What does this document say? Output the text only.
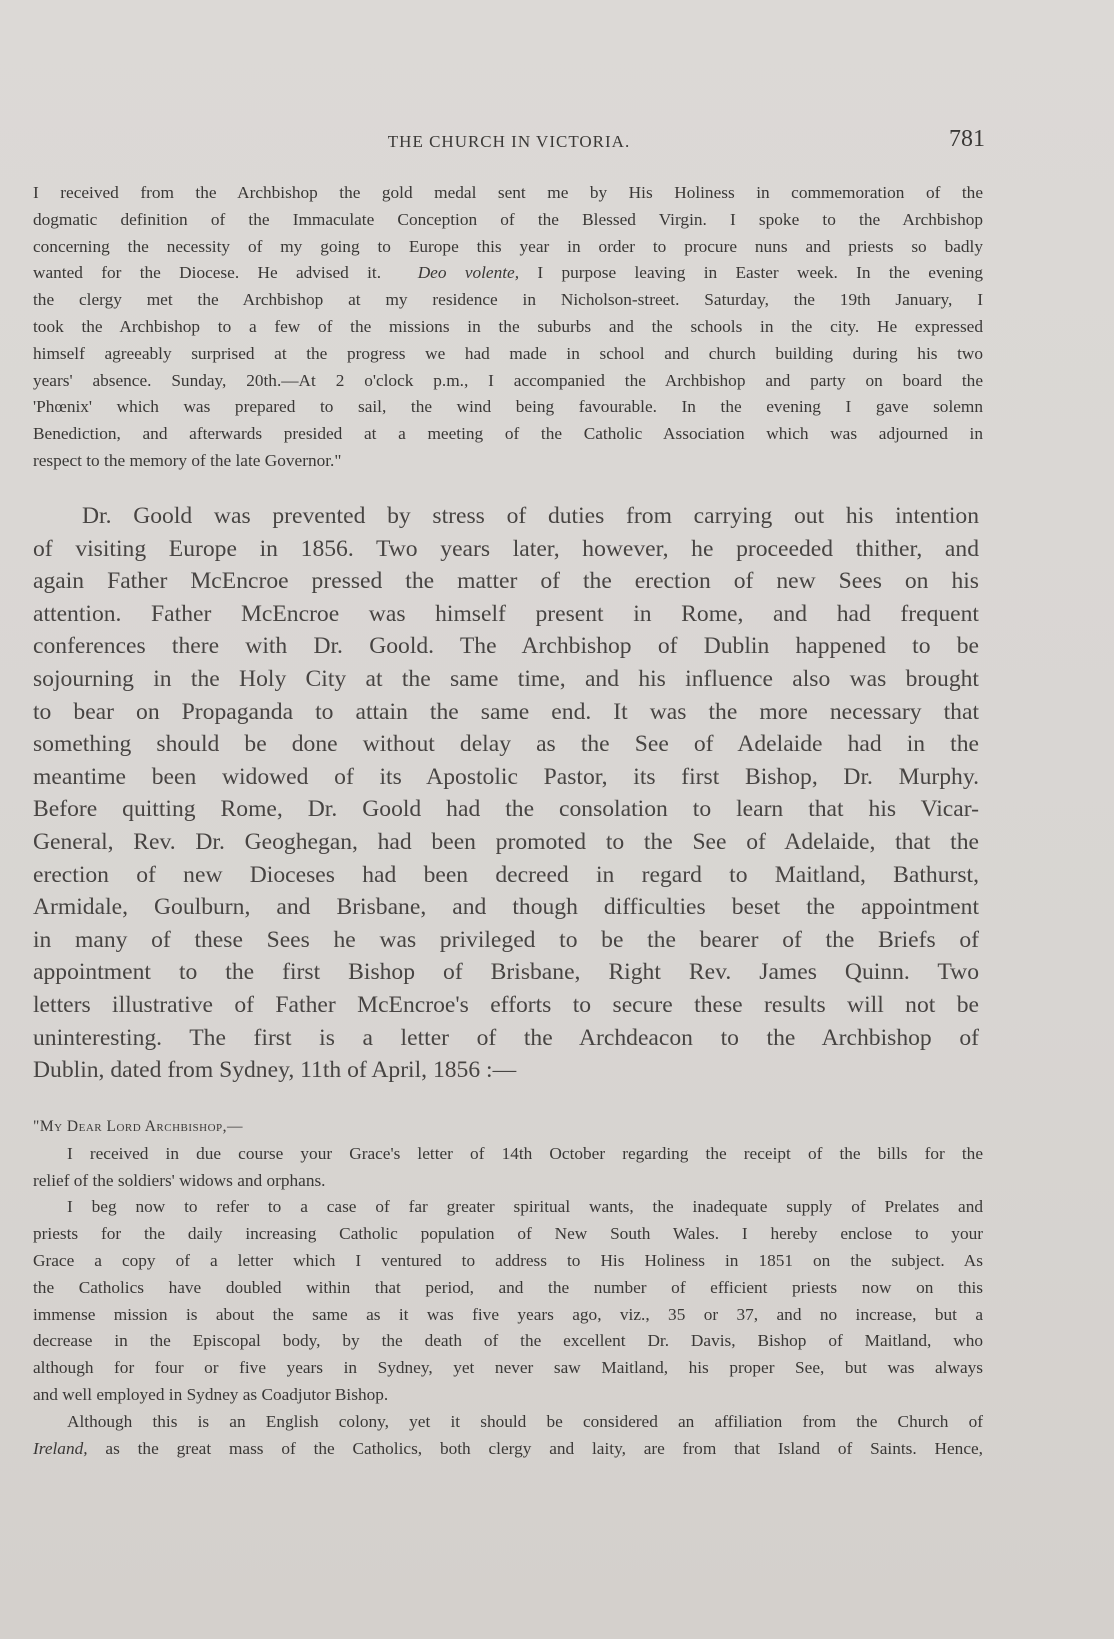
THE CHURCH IN VICTORIA.	781
I received from the Archbishop the gold medal sent me by His Holiness in commemoration of the
dogmatic definition of the Immaculate Conception of the Blessed Virgin. I spoke to the Archbishop
concerning the necessity of my going to Europe this year in order to procure nuns and priests so badly
wanted for the Diocese. He advised it. Deo volente, I purpose leaving in Easter week. In the evening
the clergy met the Archbishop at my residence in Nicholson-street. Saturday, the 19th January, I
took the Archbishop to a few of the missions in the suburbs and the schools in the city. He expressed
himself agreeably surprised at the progress we had made in school and church building during his two
years' absence. Sunday, 20th.—At 2 o'clock p.m., I accompanied the Archbishop and party on board the
'Phœnix' which was prepared to sail, the wind being favourable. In the evening I gave solemn
Benediction, and afterwards presided at a meeting of the Catholic Association which was adjourned in
respect to the memory of the late Governor."
Dr. Goold was prevented by stress of duties from carrying out his intention
of visiting Europe in 1856. Two years later, however, he proceeded thither, and
again Father McEncroe pressed the matter of the erection of new Sees on his
attention. Father McEncroe was himself present in Rome, and had frequent
conferences there with Dr. Goold. The Archbishop of Dublin happened to be
sojourning in the Holy City at the same time, and his influence also was brought
to bear on Propaganda to attain the same end. It was the more necessary that
something should be done without delay as the See of Adelaide had in the
meantime been widowed of its Apostolic Pastor, its first Bishop, Dr. Murphy.
Before quitting Rome, Dr. Goold had the consolation to learn that his Vicar-
General, Rev. Dr. Geoghegan, had been promoted to the See of Adelaide, that the
erection of new Dioceses had been decreed in regard to Maitland, Bathurst,
Armidale, Goulburn, and Brisbane, and though difficulties beset the appointment
in many of these Sees he was privileged to be the bearer of the Briefs of
appointment to the first Bishop of Brisbane, Right Rev. James Quinn. Two
letters illustrative of Father McEncroe's efforts to secure these results will not be
uninteresting. The first is a letter of the Archdeacon to the Archbishop of
Dublin, dated from Sydney, 11th of April, 1856 :—
"My Dear Lord Archbishop,—
I received in due course your Grace's letter of 14th October regarding the receipt of the bills for the
relief of the soldiers' widows and orphans.
I beg now to refer to a case of far greater spiritual wants, the inadequate supply of Prelates and
priests for the daily increasing Catholic population of New South Wales. I hereby enclose to your
Grace a copy of a letter which I ventured to address to His Holiness in 1851 on the subject. As
the Catholics have doubled within that period, and the number of efficient priests now on this
immense mission is about the same as it was five years ago, viz., 35 or 37, and no increase, but a
decrease in the Episcopal body, by the death of the excellent Dr. Davis, Bishop of Maitland, who
although for four or five years in Sydney, yet never saw Maitland, his proper See, but was always
and well employed in Sydney as Coadjutor Bishop.
Although this is an English colony, yet it should be considered an affiliation from the Church of
Ireland, as the great mass of the Catholics, both clergy and laity, are from that Island of Saints. Hence,
